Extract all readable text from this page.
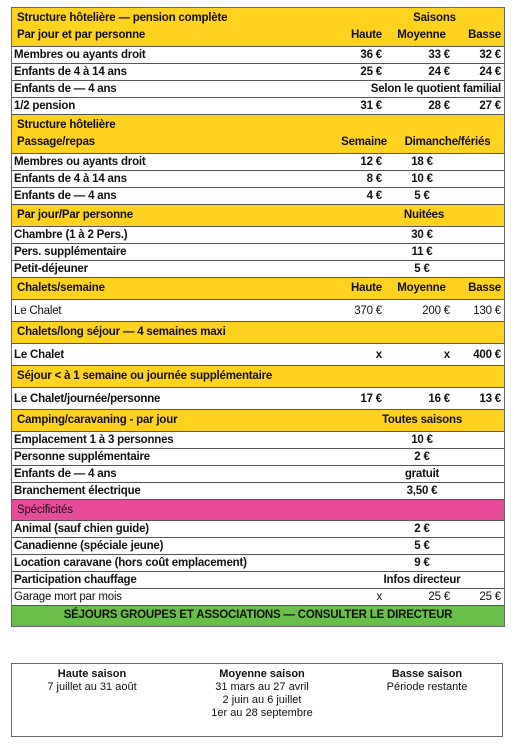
Structure hôtelière — pension complète
Par jour et par personne
Saisons
Haute Moyenne	Basse
Membres ou ayants droit	36 €	33 €	32 €
Enfants de 4 à 14 ans	25 €	24 €	24 €
Enfants de — 4 ans	Selon le quotient familial
1/2 pension	31 €	28 €	27 €
Structure hôtelière
Passage/repas	Semaine	Dimanche/fériés
Membres ou ayants droit	12 €	18 €
Enfants de 4 à 14 ans	8 €	10 €
Enfants de — 4 ans	4 €	5 €
Par jour/Par personne	Nuitées
Chambre (1 à 2 Pers.)	30 €
Pers. supplémentaire	11 €
Petit-déjeuner	5 €
Chalets/semaine	Haute Moyenne	Basse
Le Chalet	370 €	200 €	130 €
Chalets/long séjour — 4 semaines maxi
Le Chalet	x	x	400 €
Séjour < à 1 semaine ou journée supplémentaire
Le Chalet/journée/personne	17 €	16 €	13 €
Camping/caravaning - par jour	Toutes saisons
Emplacement 1 à 3 personnes	10 €
Personne supplémentaire	2 €
Enfants de — 4 ans	gratuit
Branchement électrique	3,50 €
Spécificités
Animal (sauf chien guide)	2 €
Canadienne (spéciale jeune)	5 €
Location caravane (hors coût emplacement)	9 €
Participation chauffage	Infos directeur
Garage mort par mois	x	25 €	25 €
SÉJOURS GROUPES ET ASSOCIATIONS — CONSULTER LE DIRECTEUR
Haute saison
7 juillet au 31 août
Moyenne saison
31 mars au 27 avril
2 juin au 6 juillet
1er au 28 septembre
Basse saison
Période restante
